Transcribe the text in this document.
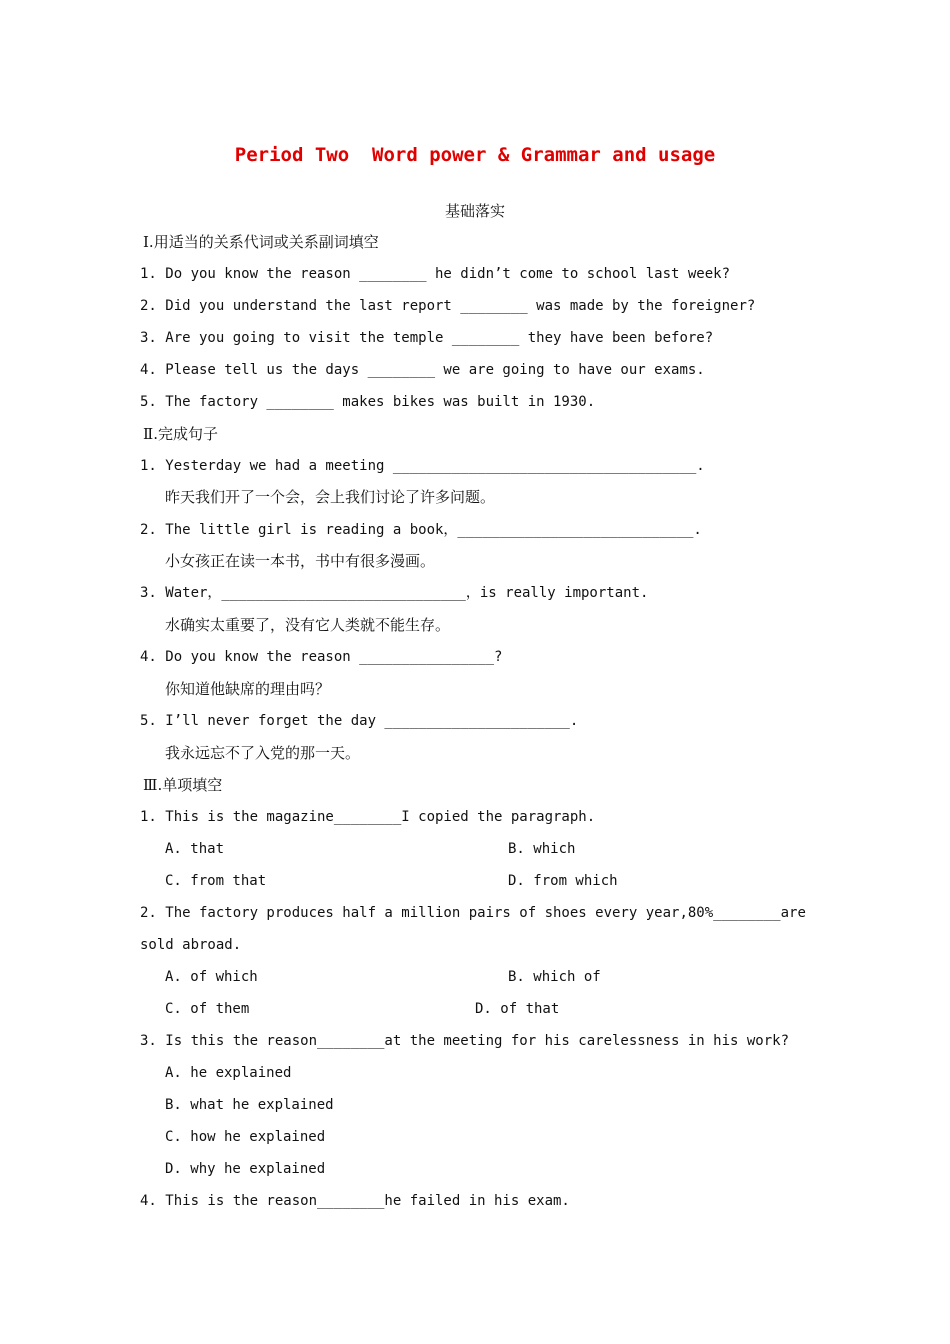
Period Two  Word power & Grammar and usage
基础落实
Ⅰ.用适当的关系代词或关系副词填空
1. Do you know the reason ________ he didn’t come to school last week?
2. Did you understand the last report ________ was made by the foreigner?
3. Are you going to visit the temple ________ they have been before?
4. Please tell us the days ________ we are going to have our exams.
5. The factory ________ makes bikes was built in 1930.
Ⅱ.完成句子
1. Yesterday we had a meeting ____________________________________.
昨天我们开了一个会，会上我们讨论了许多问题。
2. The little girl is reading a book，____________________________.
小女孩正在读一本书，书中有很多漫画。
3. Water，_____________________________，is really important.
水确实太重要了，没有它人类就不能生存。
4. Do you know the reason ________________?
你知道他缺席的理由吗？
5. I’ll never forget the day ______________________.
我永远忘不了入党的那一天。
Ⅲ.单项填空
1. This is the magazine________I copied the paragraph.
A. that	B. which
C. from that	D. from which
2. The factory produces half a million pairs of shoes every year,80%________are
sold abroad.
A. of which	B. which of
C. of them	D. of that
3. Is this the reason________at the meeting for his carelessness in his work?
A. he explained
B. what he explained
C. how he explained
D. why he explained
4. This is the reason________he failed in his exam.
